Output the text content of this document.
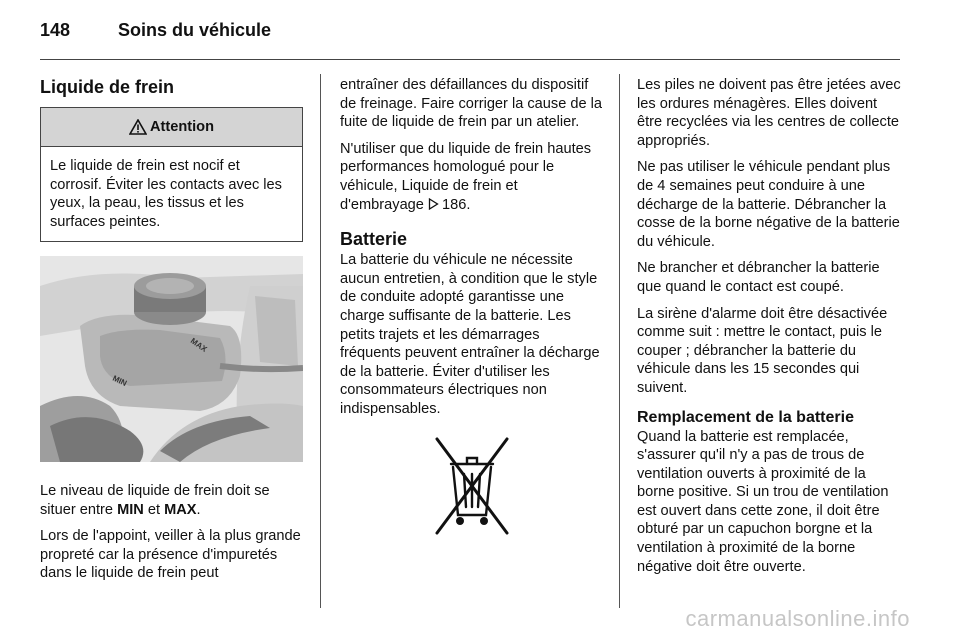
148	Soins du véhicule
Liquide de frein
Attention
Le liquide de frein est nocif et corrosif. Éviter les contacts avec les yeux, la peau, les tissus et les surfaces peintes.
MAX
MIN

Le niveau de liquide de frein doit se situer entre MIN et MAX.

Lors de l'appoint, veiller à la plus grande propreté car la présence d'impuretés dans le liquide de frein peut

entraîner des défaillances du dispositif de freinage. Faire corriger la cause de la fuite de liquide de frein par un atelier.

N'utiliser que du liquide de frein hautes performances homologué pour le véhicule, Liquide de frein et d'embrayage 186.

Batterie

La batterie du véhicule ne nécessite aucun entretien, à condition que le style de conduite adopté garantisse une charge suffisante de la batterie. Les petits trajets et les démarrages fréquents peuvent entraîner la décharge de la batterie. Éviter d'utiliser les consommateurs électriques non indispensables.

Les piles ne doivent pas être jetées avec les ordures ménagères. Elles doivent être recyclées via les centres de collecte appropriés.

Ne pas utiliser le véhicule pendant plus de 4 semaines peut conduire à une décharge de la batterie. Débrancher la cosse de la borne négative de la batterie du véhicule.

Ne brancher et débrancher la batterie que quand le contact est coupé.

La sirène d'alarme doit être désactivée comme suit : mettre le contact, puis le couper ; débrancher la batterie du véhicule dans les 15 secondes qui suivent.

Remplacement de la batterie

Quand la batterie est remplacée, s'assurer qu'il n'y a pas de trous de ventilation ouverts à proximité de la borne positive. Si un trou de ventilation est ouvert dans cette zone, il doit être obturé par un capuchon borgne et la ventilation à proximité de la borne négative doit être ouverte.

carmanualsonline.info
